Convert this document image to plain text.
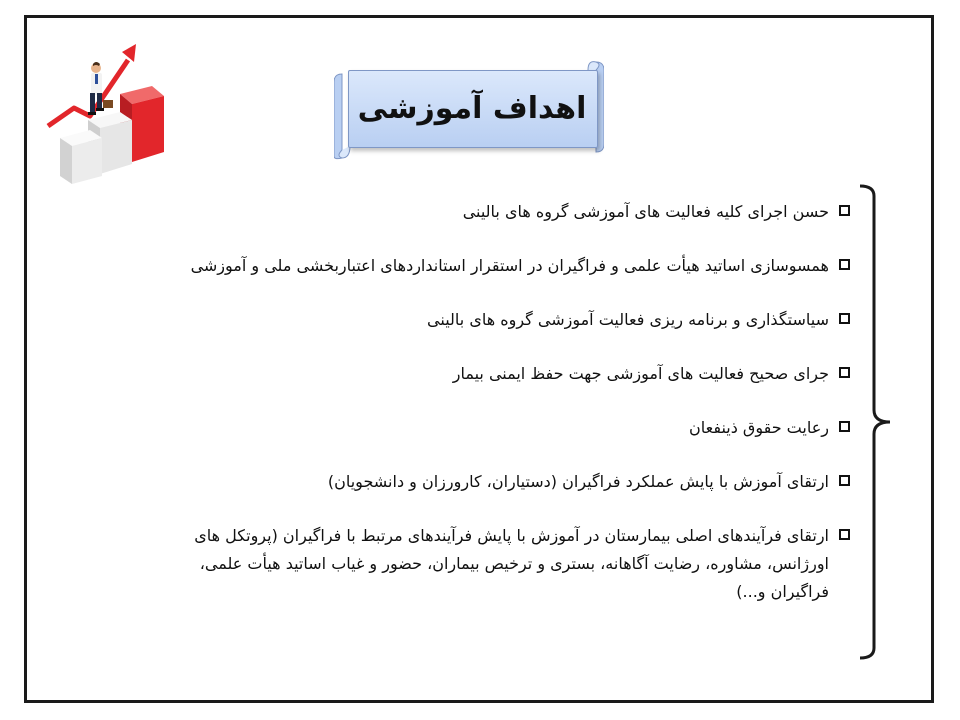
اهداف آموزشی
حسن اجرای کلیه فعالیت های آموزشی گروه های بالینی
همسوسازی اساتید هیأت علمی و فراگیران در استقرار استانداردهای اعتباربخشی ملی و آموزشی
سیاستگذاری و برنامه ریزی فعالیت آموزشی گروه های بالینی
جرای صحیح فعالیت های آموزشی جهت حفظ ایمنی بیمار
رعایت حقوق ذینفعان
ارتقای آموزش با پایش عملکرد فراگیران (دستیاران، کارورزان و دانشجویان)
ارتقای فرآیندهای اصلی بیمارستان در آموزش با پایش فرآیندهای مرتبط با فراگیران (پروتکل های اورژانس، مشاوره، رضایت آگاهانه، بستری و ترخیص بیماران، حضور و غیاب اساتید هیأت علمی، فراگیران و...)
